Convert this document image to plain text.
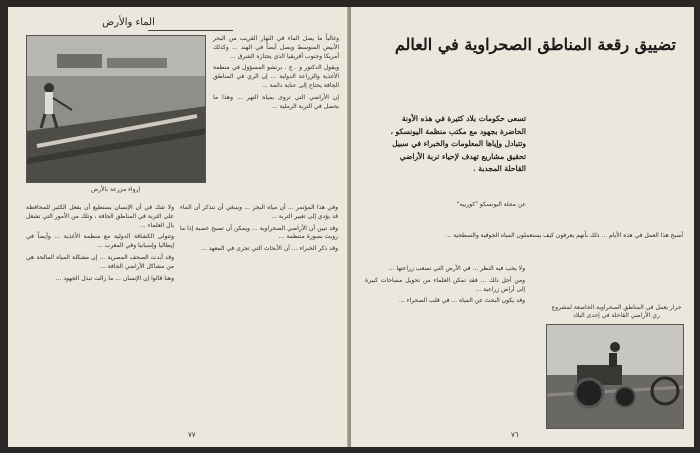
الماء والأرض
إرواء مزرعة بالأرض

وغالباً ما يصل الماء في النهار القريب من البحر الأبيض المتوسط ويصل أيضاً في الهند ... وكذلك أمريكا وجنوب أفريقيا الذي يجتازه الشرق ...

ويقول الدكتور و . ج . برنشو المسؤول في منظمة الأغذية والزراعة الدولية ... إن الري في المناطق الجافة يحتاج إلى عناية دائمة ...

إن الأراضي التي تروى بمياه النهر ... وهذا ما يحصل في التربة الرملية ...

وفي هذا المؤتمر ... أن مياه البحر ... وينبغي أن نتذكر أن الماء قد يؤدي إلى تغيير التربة ...

وقد تبين أن الأراضي الصحراوية ... ويمكن أن تصبح خصبة إذا ما رويت بصورة منتظمة ...

وقد ذكر الخبراء ... أن الأبحاث التي تجرى في المعهد ...

ولا شك في أن الإنسان يستطيع أن يفعل الكثير للمحافظة على التربة في المناطق الجافة ، وتلك من الأمور التي تشغل بال العلماء ...

وتتولى الكشافة الدولية مع منظمة الأغذية ... وأيضاً في إيطاليا وإسبانيا وفي المغرب ...

وقد أبدت الصحف المصرية ... إن مشكلة المياه المالحة هي من مشاكل الأراضي الجافة ...

وهنا قالوا إن الإنسان ... ما زالت تبذل الجهود ...

٧٧
تضييق رقعة المناطق الصحراوية في العالم
تسعى حكومات بلاد كثيرة في هذه الأونة الحاضرة بجهود مع مكتب منظمة اليونسكو ، وتتبادل وإياها المعلومات والخبراء في سبيل تحقيق مشاريع تهدف لإحياء تربة الأراضي القاحلة المجدبة .
عن مجلة اليونسكو "كورييه"

أصبح هذا العمل في هذه الأيام ... ذلك بأنهم يعرفون كيف يستعملون المياه الجوفية والسطحية ...

ولا يحب فيه النظر ... في الأرض التي تصعب زراعتها ...

ومن أجل ذلك ... فقد تمكن العلماء من تحويل مساحات كبيرة إلى أراض زراعية ...

وقد يكون البحث عن المياه ... في قلب الصحراء ...

جرار يعمل في المناطق الصحراوية الخاضعة لمشروع ري الأراضي القاحلة في إحدى البلاد
٧٦
